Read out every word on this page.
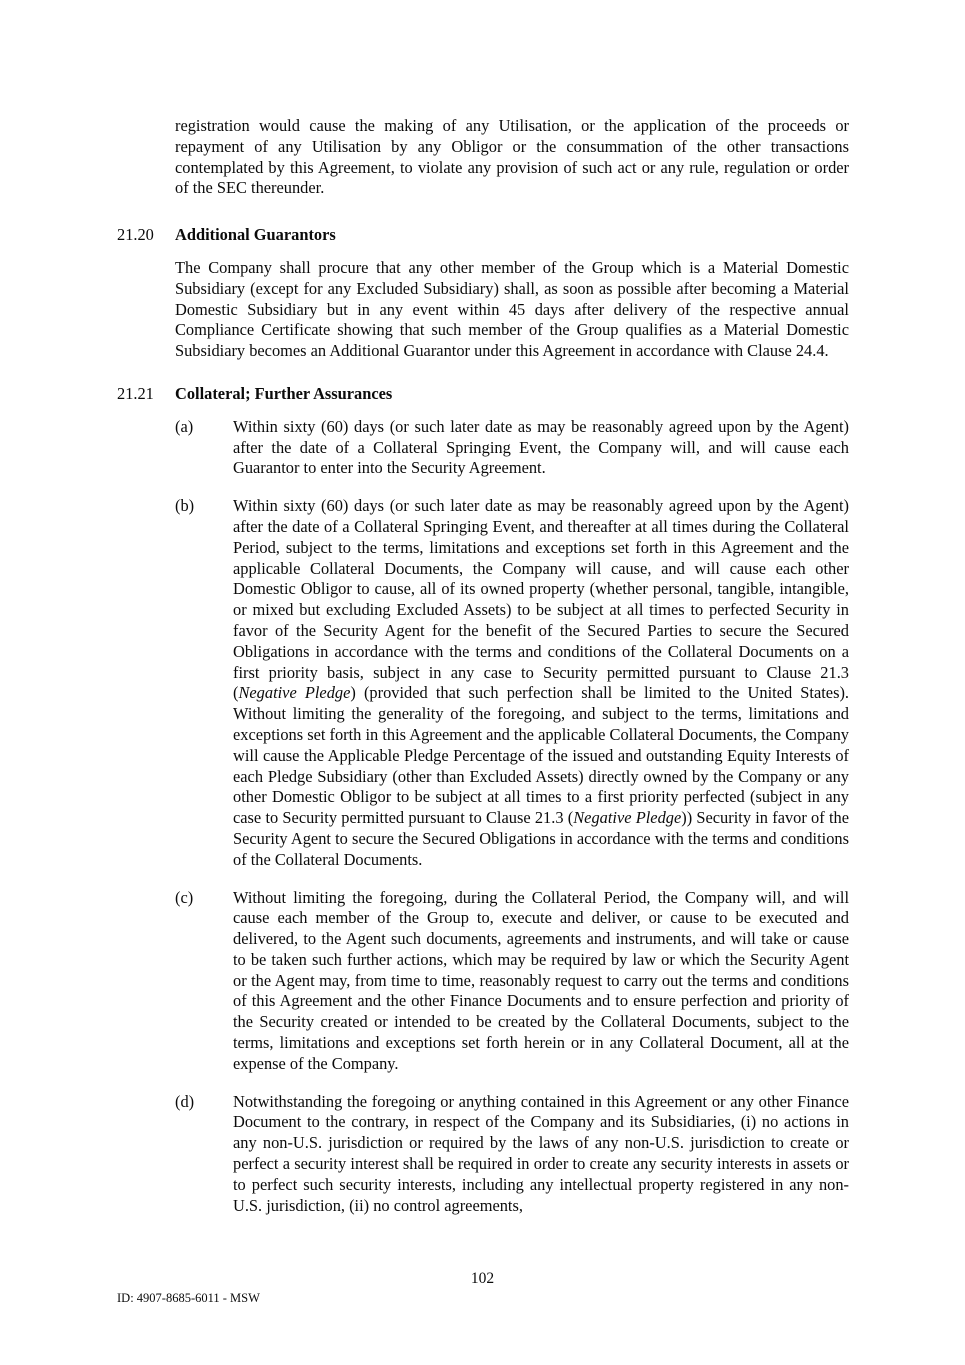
registration would cause the making of any Utilisation, or the application of the proceeds or repayment of any Utilisation by any Obligor or the consummation of the other transactions contemplated by this Agreement, to violate any provision of such act or any rule, regulation or order of the SEC thereunder.

21.20	Additional Guarantors

The Company shall procure that any other member of the Group which is a Material Domestic Subsidiary (except for any Excluded Subsidiary) shall, as soon as possible after becoming a Material Domestic Subsidiary but in any event within 45 days after delivery of the respective annual Compliance Certificate showing that such member of the Group qualifies as a Material Domestic Subsidiary becomes an Additional Guarantor under this Agreement in accordance with Clause 24.4.

21.21	Collateral; Further Assurances
(a)	Within sixty (60) days (or such later date as may be reasonably agreed upon by the Agent) after the date of a Collateral Springing Event, the Company will, and will cause each Guarantor to enter into the Security Agreement.

(b)	Within sixty (60) days (or such later date as may be reasonably agreed upon by the Agent) after the date of a Collateral Springing Event, and thereafter at all times during the Collateral Period, subject to the terms, limitations and exceptions set forth in this Agreement and the applicable Collateral Documents, the Company will cause, and will cause each other Domestic Obligor to cause, all of its owned property (whether personal, tangible, intangible, or mixed but excluding Excluded Assets) to be subject at all times to perfected Security in favor of the Security Agent for the benefit of the Secured Parties to secure the Secured Obligations in accordance with the terms and conditions of the Collateral Documents on a first priority basis, subject in any case to Security permitted pursuant to Clause 21.3 (Negative Pledge) (provided that such perfection shall be limited to the United States). Without limiting the generality of the foregoing, and subject to the terms, limitations and exceptions set forth in this Agreement and the applicable Collateral Documents, the Company will cause the Applicable Pledge Percentage of the issued and outstanding Equity Interests of each Pledge Subsidiary (other than Excluded Assets) directly owned by the Company or any other Domestic Obligor to be subject at all times to a first priority perfected (subject in any case to Security permitted pursuant to Clause 21.3 (Negative Pledge)) Security in favor of the Security Agent to secure the Secured Obligations in accordance with the terms and conditions of the Collateral Documents.

(c)	Without limiting the foregoing, during the Collateral Period, the Company will, and will cause each member of the Group to, execute and deliver, or cause to be executed and delivered, to the Agent such documents, agreements and instruments, and will take or cause to be taken such further actions, which may be required by law or which the Security Agent or the Agent may, from time to time, reasonably request to carry out the terms and conditions of this Agreement and the other Finance Documents and to ensure perfection and priority of the Security created or intended to be created by the Collateral Documents, subject to the terms, limitations and exceptions set forth herein or in any Collateral Document, all at the expense of the Company.

(d)	Notwithstanding the foregoing or anything contained in this Agreement or any other Finance Document to the contrary, in respect of the Company and its Subsidiaries, (i) no actions in any non-U.S. jurisdiction or required by the laws of any non-U.S. jurisdiction to create or perfect a security interest shall be required in order to create any security interests in assets or to perfect such security interests, including any intellectual property registered in any non-U.S. jurisdiction, (ii) no control agreements,

102
ID: 4907-8685-6011 - MSW
